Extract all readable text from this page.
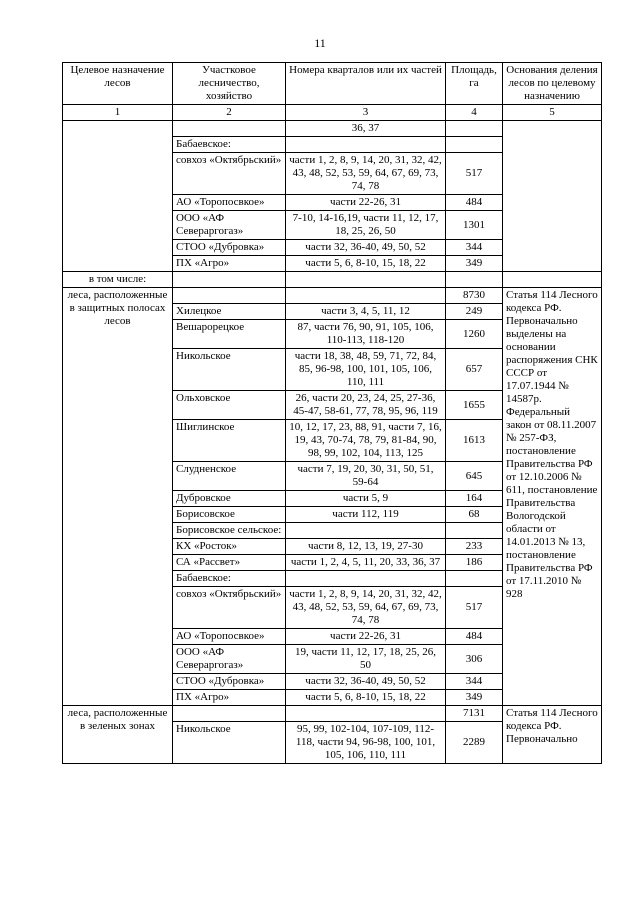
11
Целевое назначение лесов	Участковое лесничество, хозяйство	Номера кварталов или их частей	Площадь, га	Основания деления лесов по целевому назначению
1	2	3	4	5
		36, 37		
	Бабаевское:			
	совхоз «Октябрьский»	части 1, 2, 8, 9, 14, 20, 31, 32, 42, 43, 48, 52, 53, 59, 64, 67, 69, 73, 74, 78	517	
	АО «Торопосвкое»	части 22-26, 31	484	
	ООО «АФ Севераргогаз»	7-10, 14-16,19, части 11, 12, 17, 18, 25, 26, 50	1301	
	СТОО «Дубровка»	части 32, 36-40, 49, 50, 52	344	
	ПХ «Агро»	части 5, 6, 8-10, 15, 18, 22	349	
в том числе:				
леса, расположенные в защитных полосах лесов			8730	Статья 114 Лесного кодекса РФ. Первоначально выделены на основании распоряжения СНК СССР от 17.07.1944 № 14587р. Федеральный закон от 08.11.2007 № 257-ФЗ, постановление Правительства РФ от 12.10.2006 № 611, постановление Правительства Вологодской области от 14.01.2013 № 13, постановление Правительства РФ от 17.11.2010 № 928
	Хилецкое	части 3, 4, 5, 11, 12	249	
	Вешарорецкое	87, части 76, 90, 91, 105, 106, 110-113, 118-120	1260	
	Никольское	части 18, 38, 48, 59, 71, 72, 84, 85, 96-98, 100, 101, 105, 106, 110, 111	657	
	Ольховское	26, части 20, 23, 24, 25, 27-36, 45-47, 58-61, 77, 78, 95, 96, 119	1655	
	Шиглинское	10, 12, 17, 23, 88, 91, части 7, 16, 19, 43, 70-74, 78, 79, 81-84, 90, 98, 99, 102, 104, 113, 125	1613	
	Слудненское	части 7, 19, 20, 30, 31, 50, 51, 59-64	645	
	Дубровское	части 5, 9	164	
	Борисовское	части 112, 119	68	
	Борисовское сельское:			
	КХ «Росток»	части 8, 12, 13, 19, 27-30	233	
	СА «Рассвет»	части 1, 2, 4, 5, 11, 20, 33, 36, 37	186	
	Бабаевское:			
	совхоз «Октябрьский»	части 1, 2, 8, 9, 14, 20, 31, 32, 42, 43, 48, 52, 53, 59, 64, 67, 69, 73, 74, 78	517	
	АО «Торопосвкое»	части 22-26, 31	484	
	ООО «АФ Севераргогаз»	19, части 11, 12, 17, 18, 25, 26, 50	306	
	СТОО «Дубровка»	части 32, 36-40, 49, 50, 52	344	
	ПХ «Агро»	части 5, 6, 8-10, 15, 18, 22	349	
леса, расположенные в зеленых зонах			7131	Статья 114 Лесного кодекса РФ. Первоначально
	Никольское	95, 99, 102-104, 107-109, 112-118, части 94, 96-98, 100, 101, 105, 106, 110, 111	2289	
